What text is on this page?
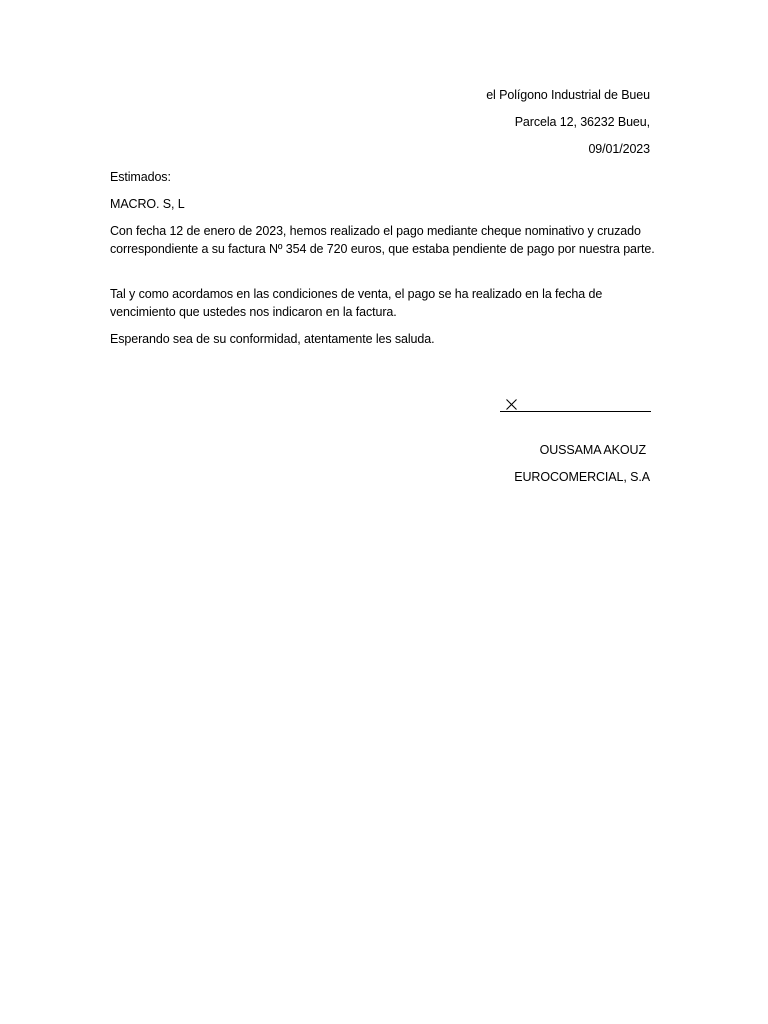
el Polígono Industrial de Bueu
Parcela 12, 36232 Bueu,
09/01/2023
Estimados:
MACRO. S, L
Con fecha 12 de enero de 2023, hemos realizado el pago mediante cheque nominativo y cruzado correspondiente a su factura Nº 354 de 720 euros, que estaba pendiente de pago por nuestra parte.
Tal y como acordamos en las condiciones de venta, el pago se ha realizado en la fecha de vencimiento que ustedes nos indicaron en la factura.
Esperando sea de su conformidad, atentamente les saluda.
OUSSAMA AKOUZ
EUROCOMERCIAL, S.A
